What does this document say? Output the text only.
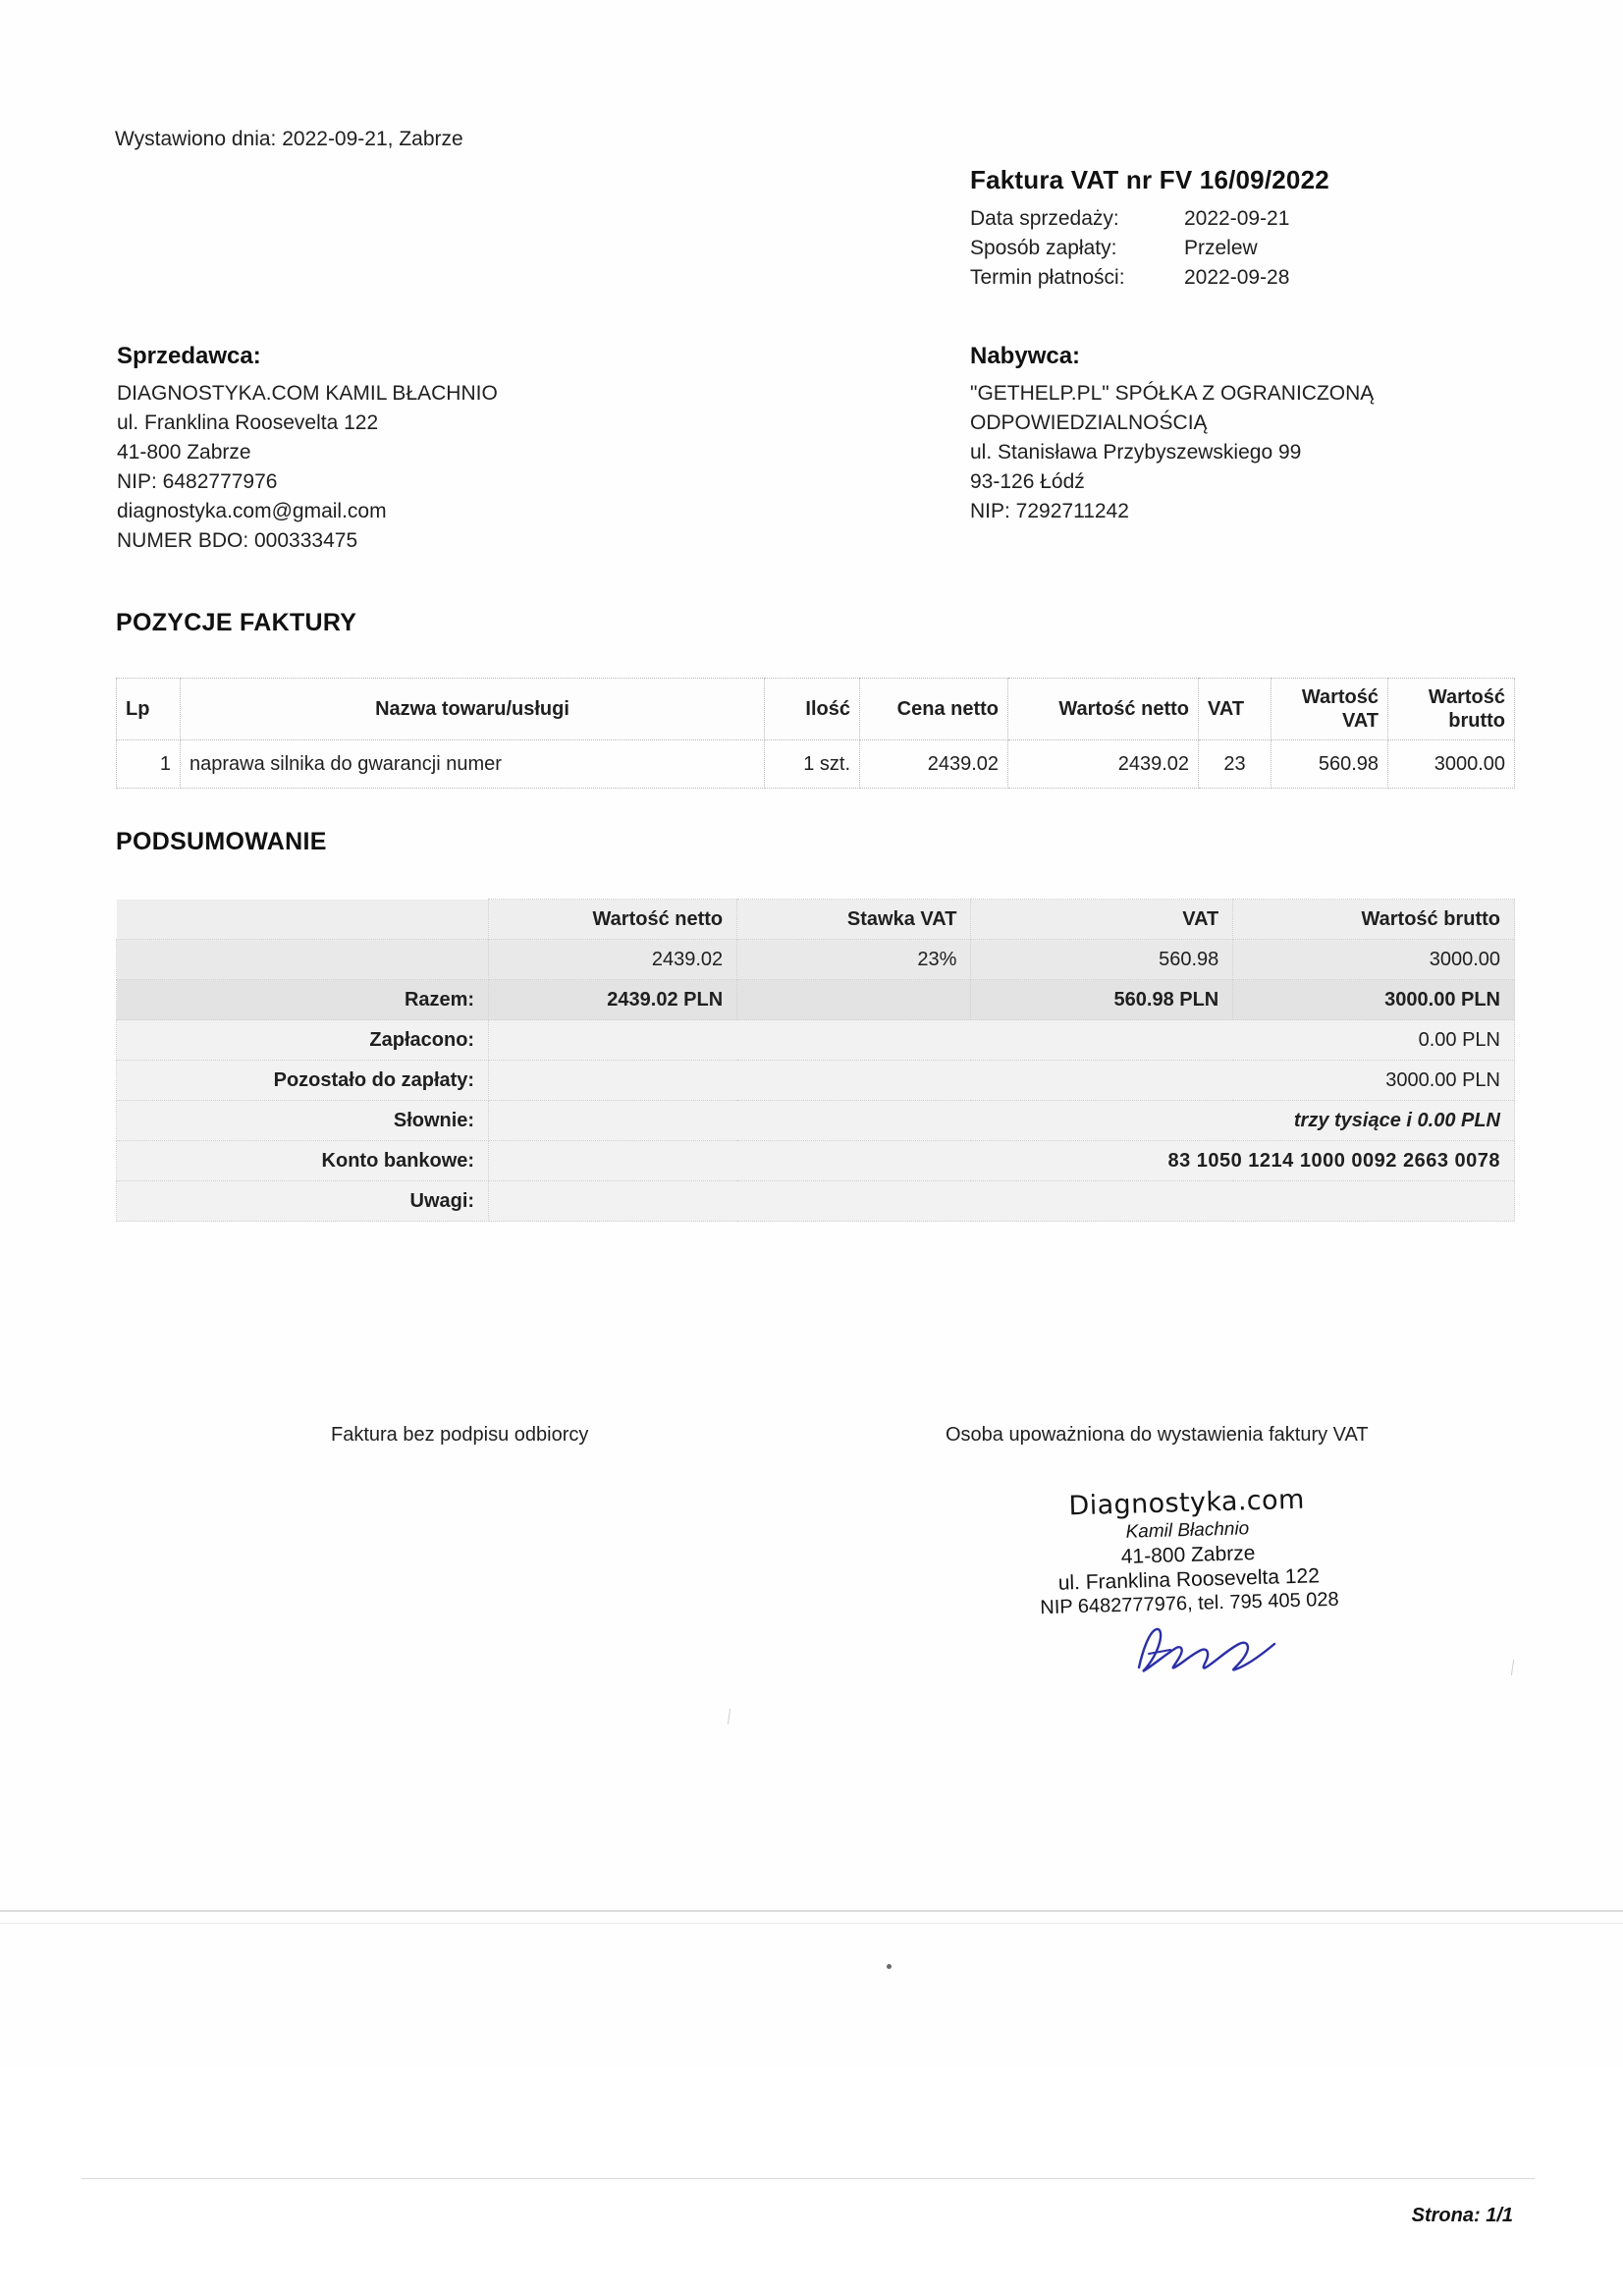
Wystawiono dnia: 2022-09-21, Zabrze
Faktura VAT nr FV 16/09/2022
Data sprzedaży:	2022-09-21
Sposób zapłaty:	Przelew
Termin płatności:	2022-09-28
Sprzedawca:
DIAGNOSTYKA.COM KAMIL BŁACHNIO
ul. Franklina Roosevelta 122
41-800 Zabrze
NIP: 6482777976
diagnostyka.com@gmail.com
NUMER BDO: 000333475
Nabywca:
"GETHELP.PL" SPÓŁKA Z OGRANICZONĄ ODPOWIEDZIALNOŚCIĄ
ul. Stanisława Przybyszewskiego 99
93-126 Łódź
NIP: 7292711242
POZYCJE FAKTURY
Lp	Nazwa towaru/usługi	Ilość	Cena netto	Wartość netto	VAT	Wartość VAT	Wartość brutto
1	naprawa silnika do gwarancji numer	1 szt.	2439.02	2439.02	23	560.98	3000.00
PODSUMOWANIE
	Wartość netto	Stawka VAT	VAT	Wartość brutto
	2439.02	23%	560.98	3000.00
Razem:	2439.02 PLN		560.98 PLN	3000.00 PLN
Zapłacono:	0.00 PLN			
Pozostało do zapłaty:	3000.00 PLN			
Słownie:	trzy tysiące i 0.00 PLN			
Konto bankowe:	83 1050 1214 1000 0092 2663 0078			
Uwagi:				
Faktura bez podpisu odbiorcy	Osoba upoważniona do wystawienia faktury VAT
Diagnostyka.com
Kamil Błachnio
41-800 Zabrze
ul. Franklina Roosevelta 122
NIP 6482777976, tel. 795 405 028
Strona: 1/1
